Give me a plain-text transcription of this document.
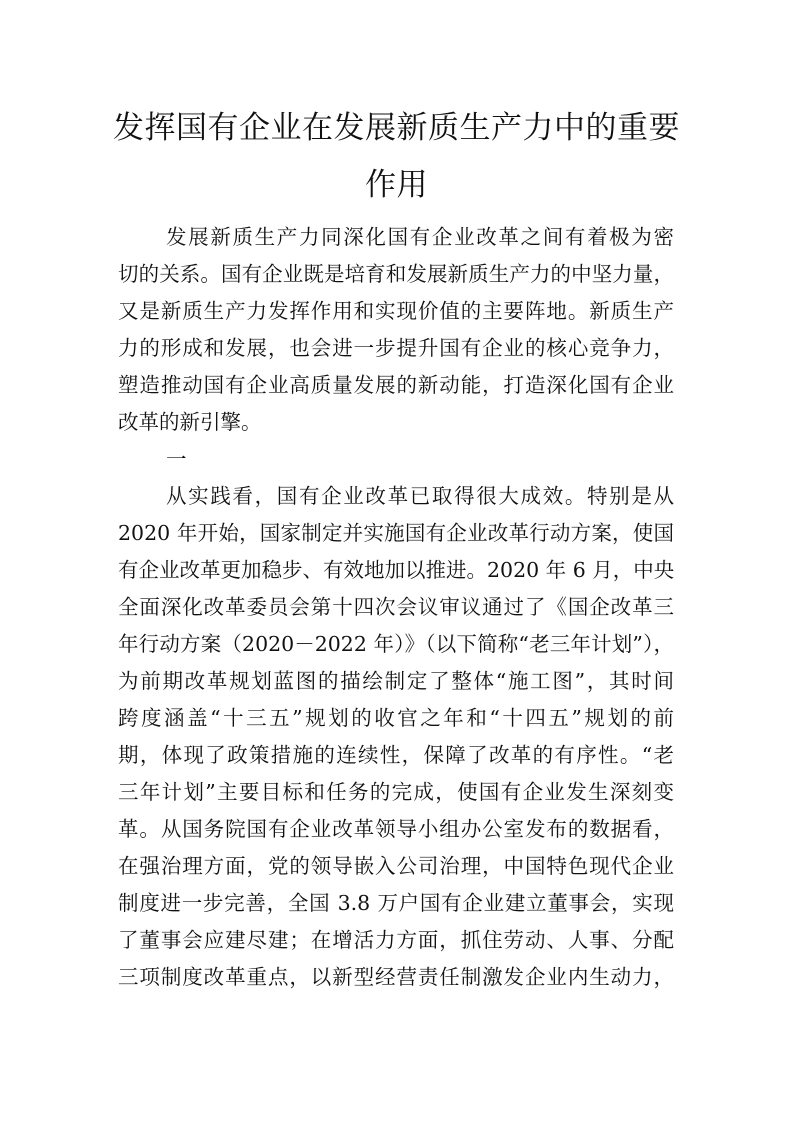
发挥国有企业在发展新质生产力中的重要
作用
发展新质生产力同深化国有企业改革之间有着极为密
切的关系。国有企业既是培育和发展新质生产力的中坚力量，
又是新质生产力发挥作用和实现价值的主要阵地。新质生产
力的形成和发展，也会进一步提升国有企业的核心竞争力，
塑造推动国有企业高质量发展的新动能，打造深化国有企业
改革的新引擎。
一
从实践看，国有企业改革已取得很大成效。特别是从
2020 年开始，国家制定并实施国有企业改革行动方案，使国
有企业改革更加稳步、有效地加以推进。2020 年 6 月，中央
全面深化改革委员会第十四次会议审议通过了《国企改革三
年行动方案（2020－2022 年）》（以下简称“老三年计划”），
为前期改革规划蓝图的描绘制定了整体“施工图”，其时间
跨度涵盖“十三五”规划的收官之年和“十四五”规划的前
期，体现了政策措施的连续性，保障了改革的有序性。“老
三年计划”主要目标和任务的完成，使国有企业发生深刻变
革。从国务院国有企业改革领导小组办公室发布的数据看，
在强治理方面，党的领导嵌入公司治理，中国特色现代企业
制度进一步完善，全国 3.8 万户国有企业建立董事会，实现
了董事会应建尽建；在增活力方面，抓住劳动、人事、分配
三项制度改革重点，以新型经营责任制激发企业内生动力，
